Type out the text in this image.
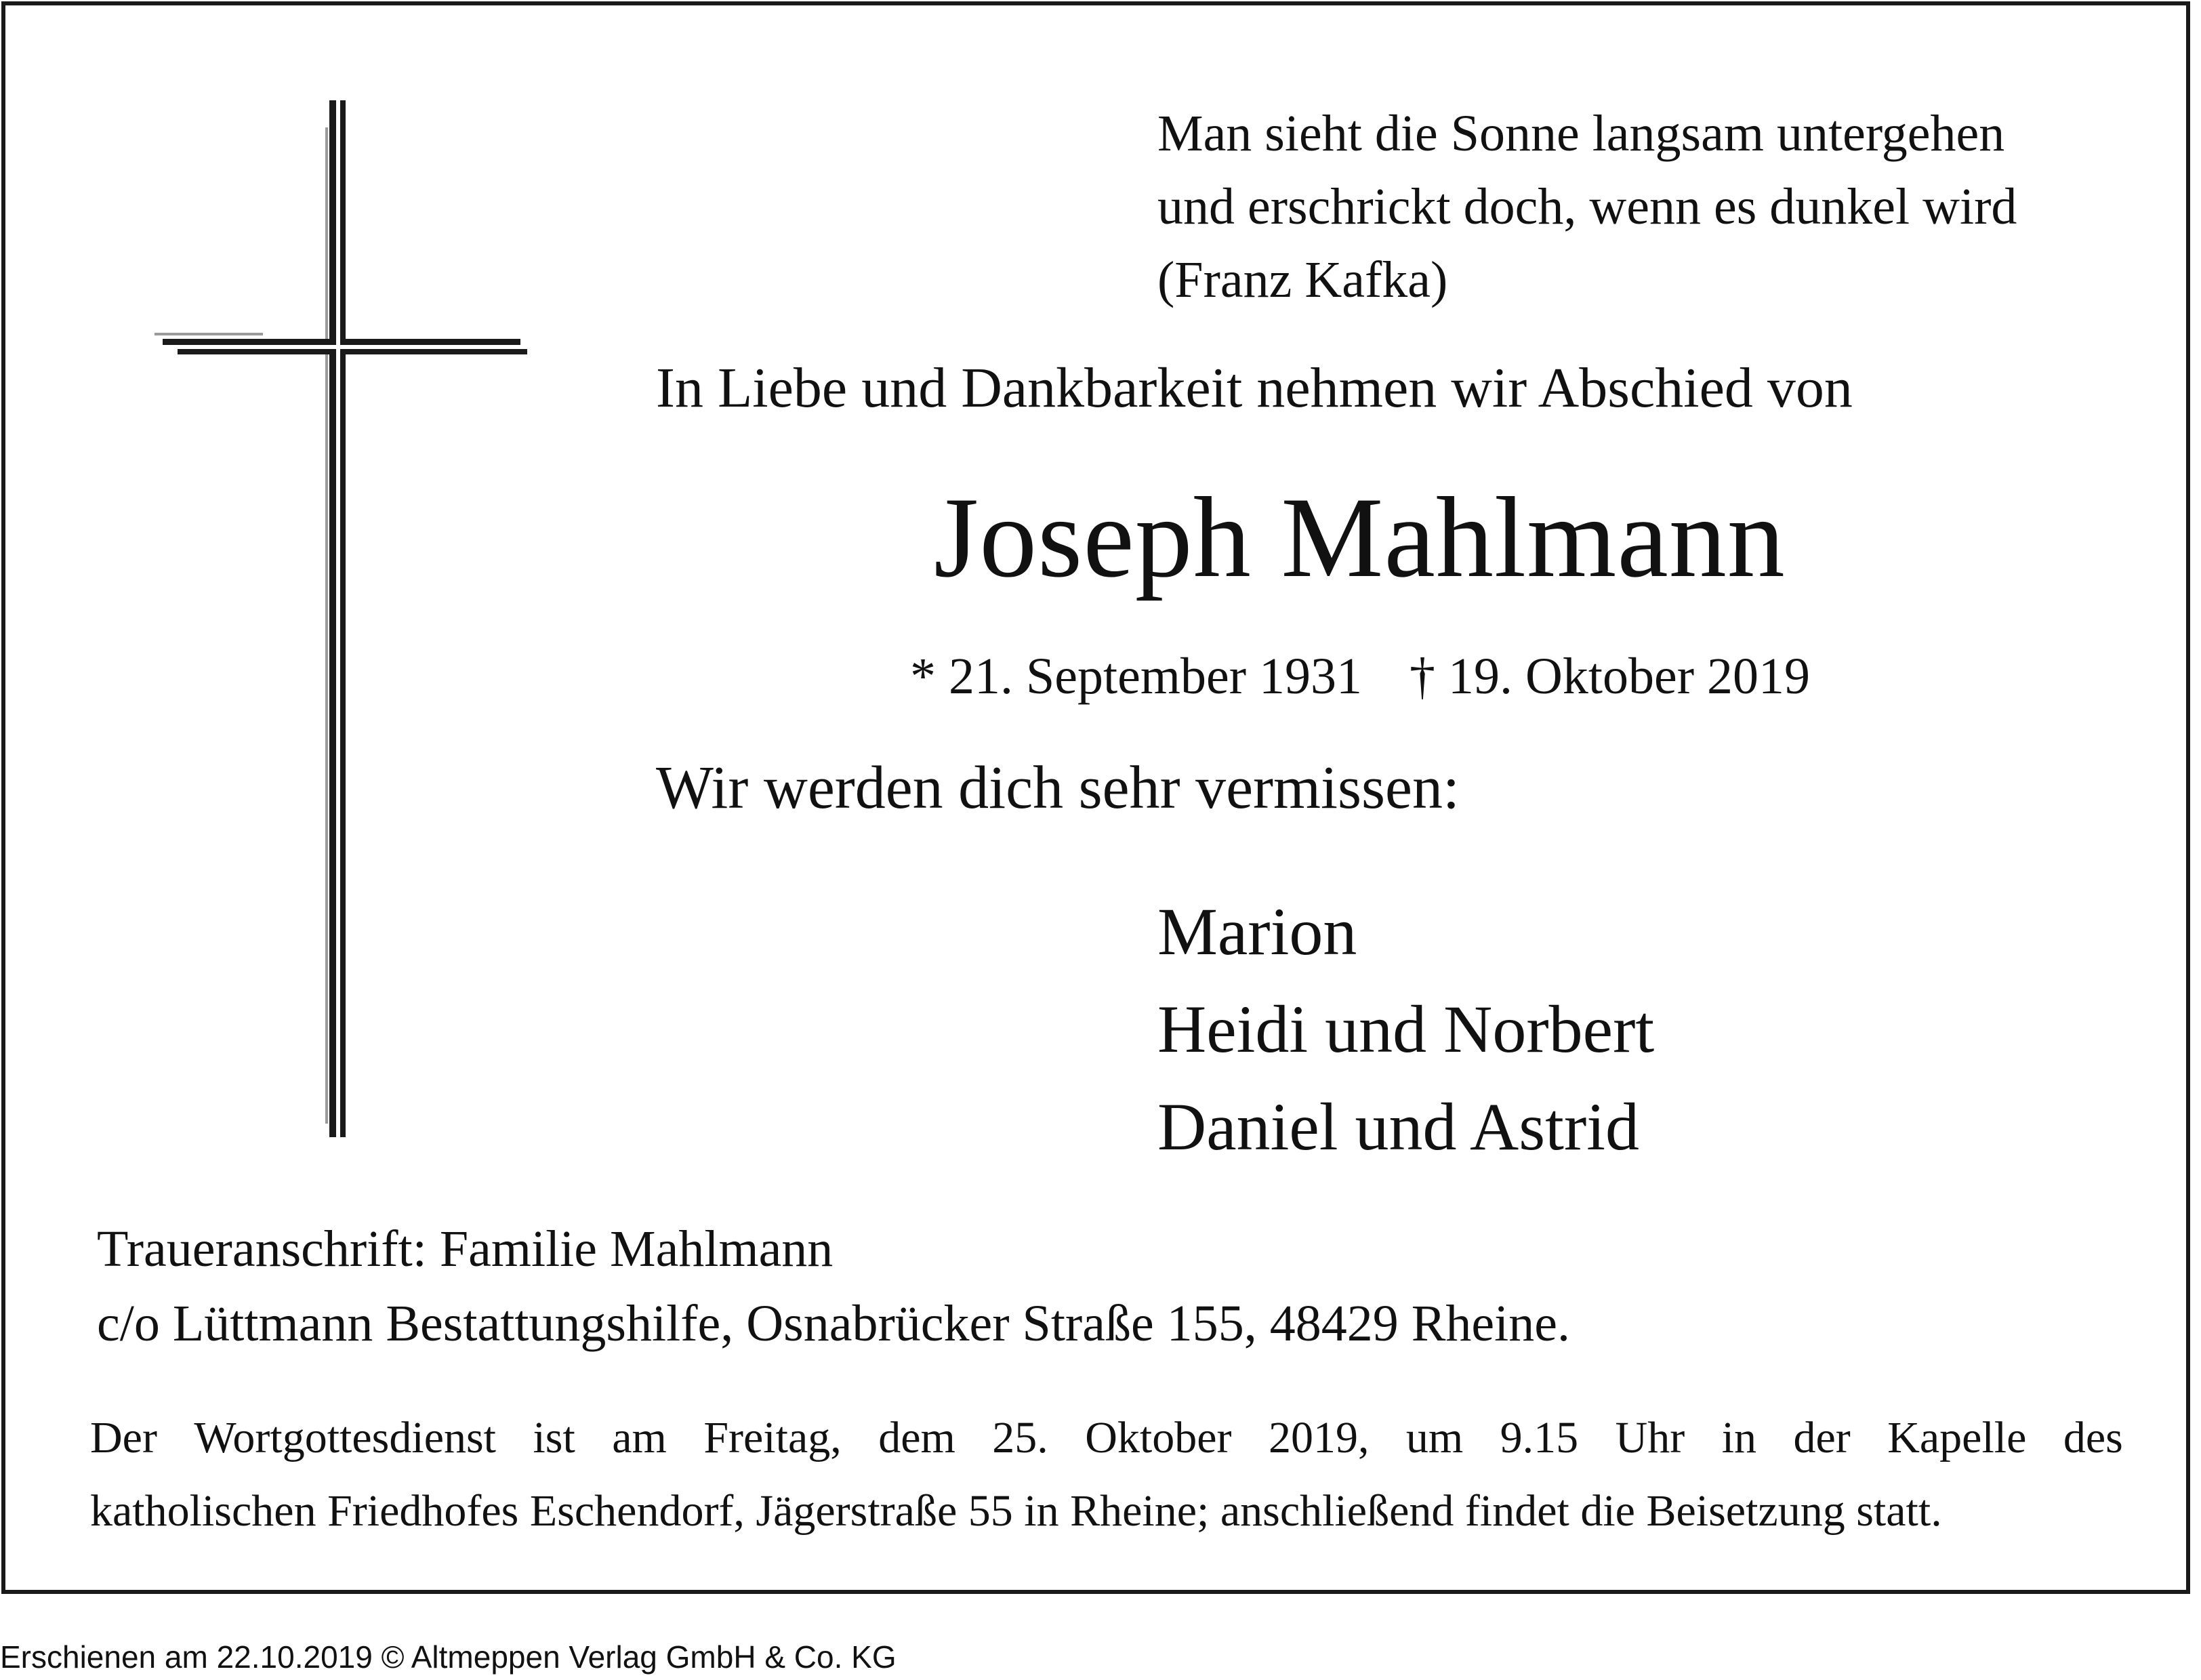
Man sieht die Sonne langsam untergehen
und erschrickt doch, wenn es dunkel wird
(Franz Kafka)

In Liebe und Dankbarkeit nehmen wir Abschied von

Joseph Mahlmann

* 21. September 1931 † 19. Oktober 2019

Wir werden dich sehr vermissen:

Marion
Heidi und Norbert
Daniel und Astrid
Traueranschrift: Familie Mahlmann
c/o Lüttmann Bestattungshilfe, Osnabrücker Straße 155, 48429 Rheine.
Der Wortgottesdienst ist am Freitag, dem 25. Oktober 2019, um 9.15 Uhr in der Kapelle des
katholischen Friedhofes Eschendorf, Jägerstraße 55 in Rheine; anschließend findet die Beisetzung statt.
Erschienen am 22.10.2019 © Altmeppen Verlag GmbH & Co. KG
